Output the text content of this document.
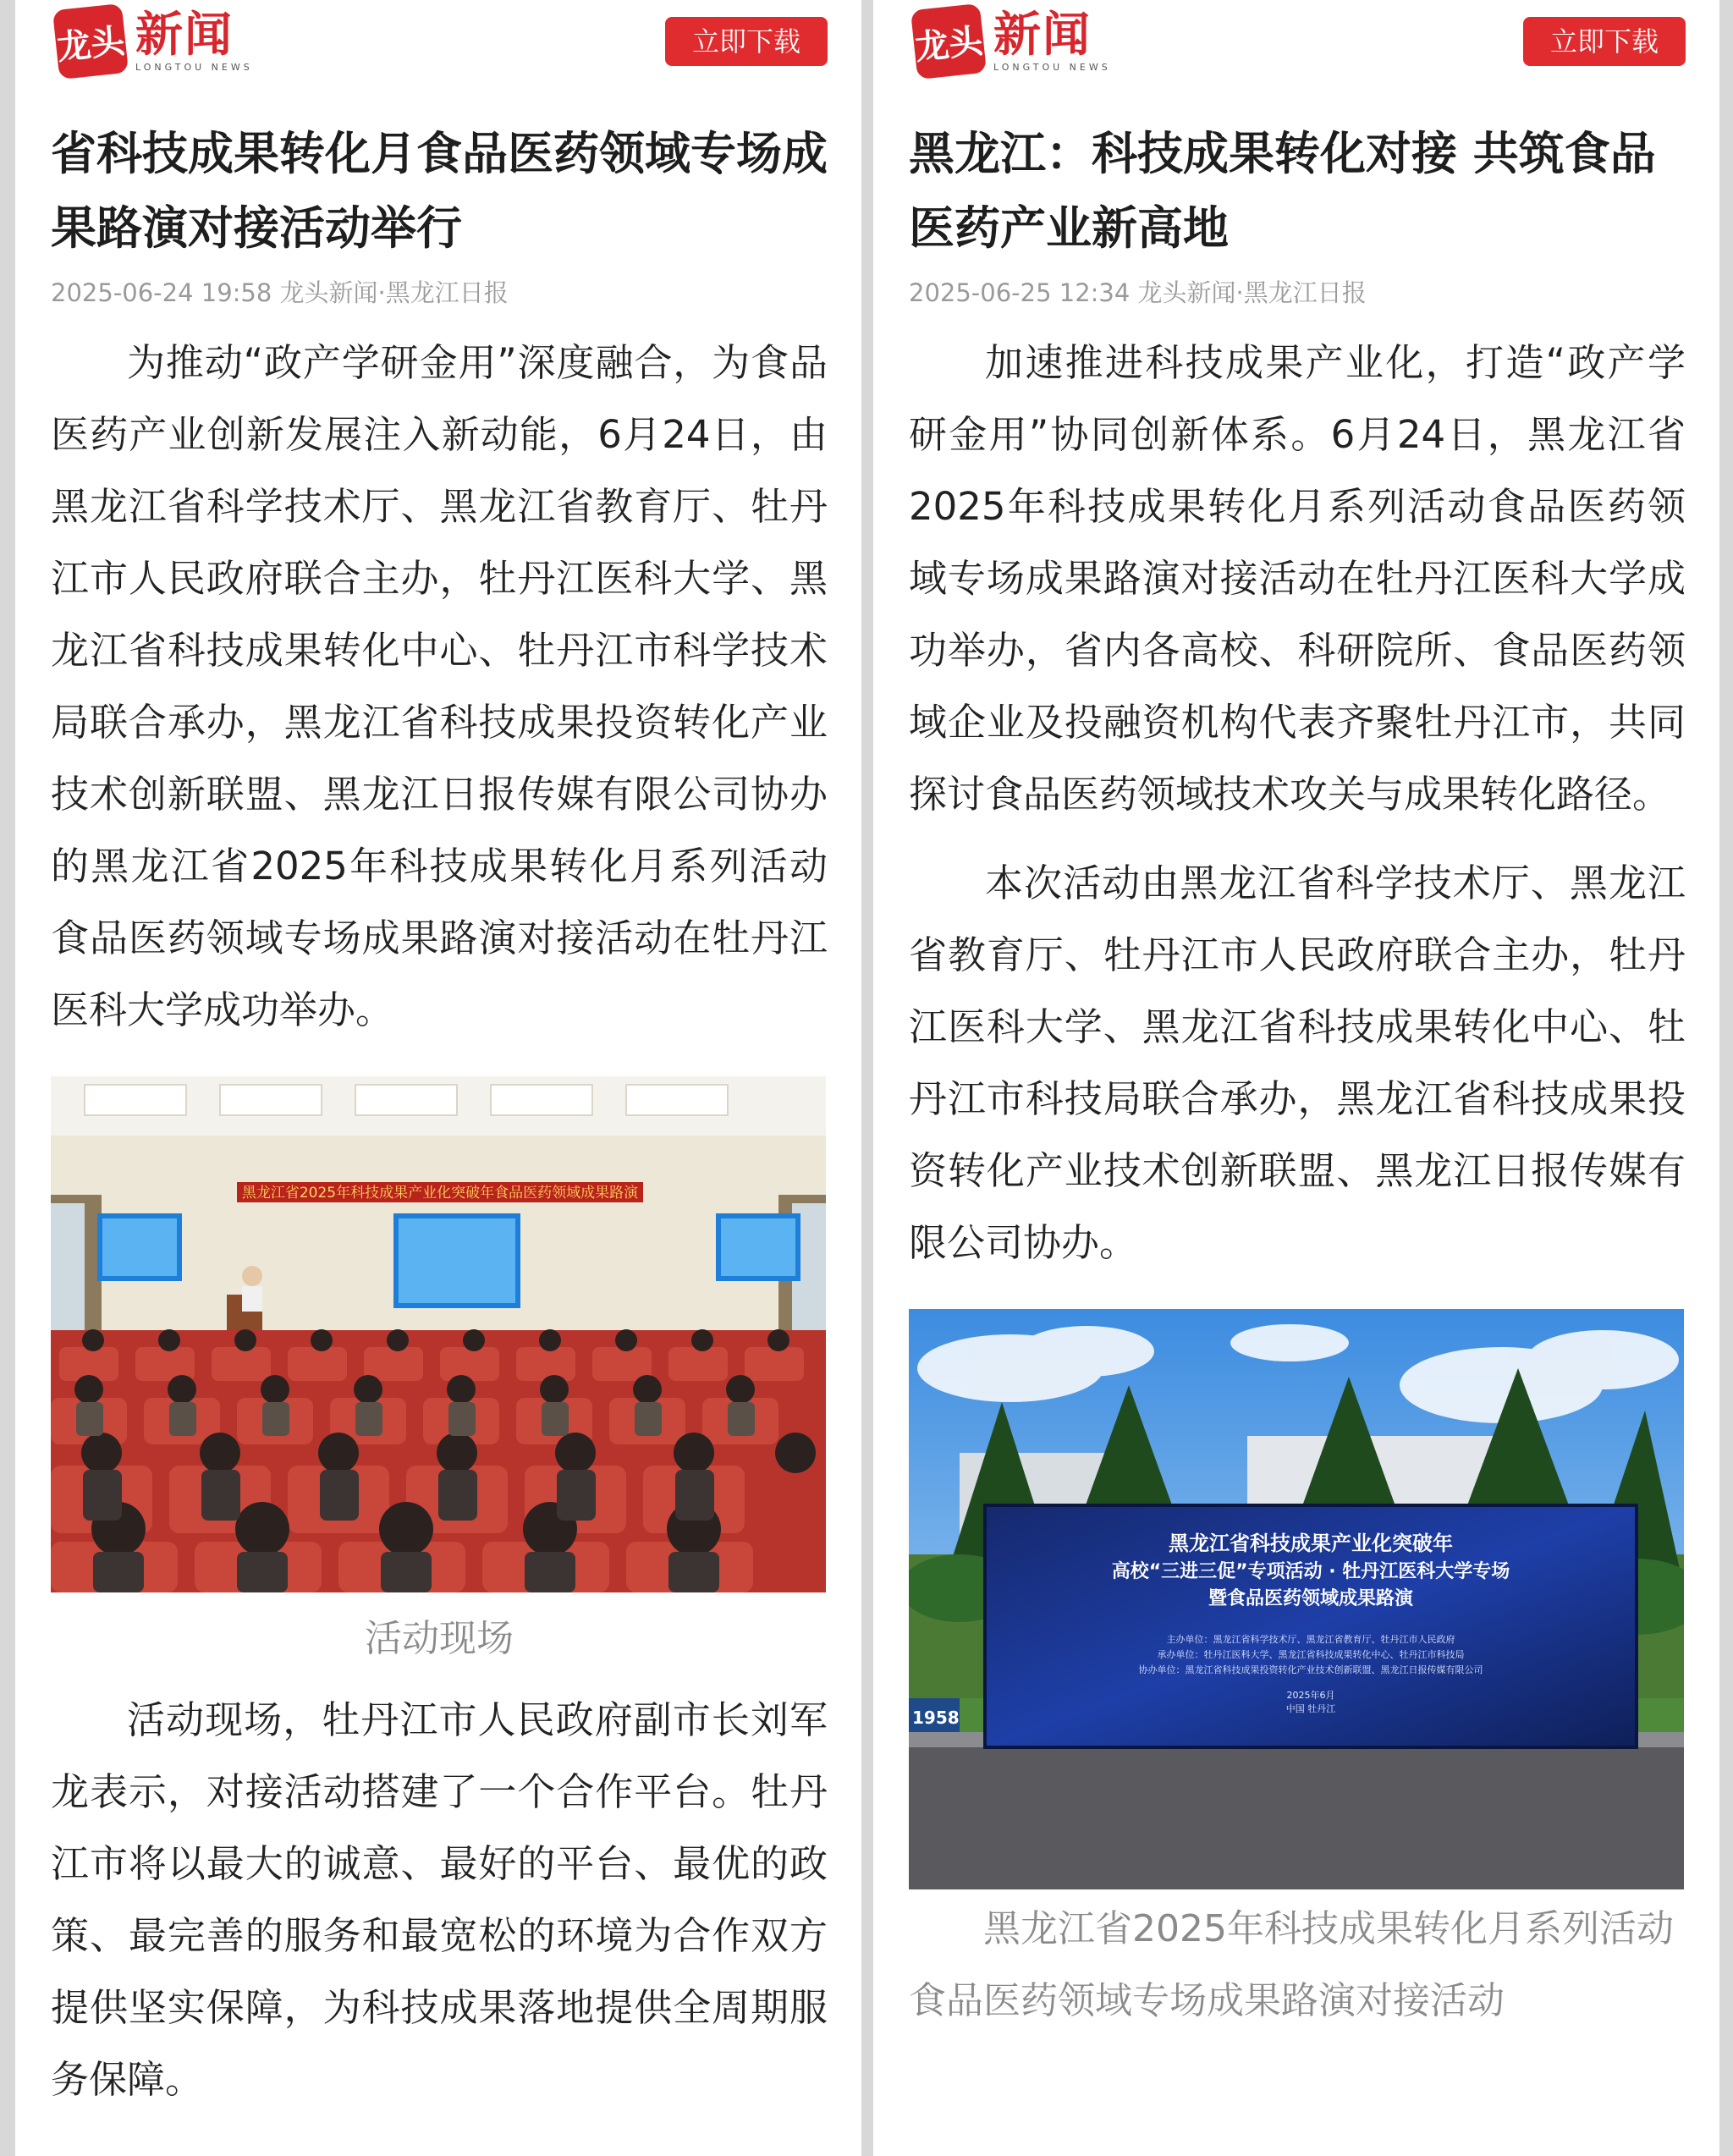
龙头 新闻
LONGTOU NEWS
立即下载
省科技成果转化月食品医药领域专场成果路演对接活动举行
2025-06-24 19:58 龙头新闻·黑龙江日报

为推动“政产学研金用”深度融合，为食品医药产业创新发展注入新动能，6月24日，由黑龙江省科学技术厅、黑龙江省教育厅、牡丹江市人民政府联合主办，牡丹江医科大学、黑龙江省科技成果转化中心、牡丹江市科学技术局联合承办，黑龙江省科技成果投资转化产业技术创新联盟、黑龙江日报传媒有限公司协办的黑龙江省2025年科技成果转化月系列活动食品医药领域专场成果路演对接活动在牡丹江医科大学成功举办。

黑龙江省2025年科技成果产业化突破年食品医药领域成果路演
活动现场

活动现场，牡丹江市人民政府副市长刘军龙表示，对接活动搭建了一个合作平台。牡丹江市将以最大的诚意、最好的平台、最优的政策、最完善的服务和最宽松的环境为合作双方提供坚实保障，为科技成果落地提供全周期服务保障。

龙头 新闻
LONGTOU NEWS
立即下载
黑龙江：科技成果转化对接 共筑食品医药产业新高地
2025-06-25 12:34 龙头新闻·黑龙江日报

加速推进科技成果产业化，打造“政产学研金用”协同创新体系。6月24日，黑龙江省2025年科技成果转化月系列活动食品医药领域专场成果路演对接活动在牡丹江医科大学成功举办，省内各高校、科研院所、食品医药领域企业及投融资机构代表齐聚牡丹江市，共同探讨食品医药领域技术攻关与成果转化路径。

本次活动由黑龙江省科学技术厅、黑龙江省教育厅、牡丹江市人民政府联合主办，牡丹江医科大学、黑龙江省科技成果转化中心、牡丹江市科技局联合承办，黑龙江省科技成果投资转化产业技术创新联盟、黑龙江日报传媒有限公司协办。

1958
黑龙江省科技成果产业化突破年
高校“三进三促”专项活动 · 牡丹江医科大学专场
暨食品医药领域成果路演
主办单位：黑龙江省科学技术厅、黑龙江省教育厅、牡丹江市人民政府
承办单位：牡丹江医科大学、黑龙江省科技成果转化中心、牡丹江市科技局
协办单位：黑龙江省科技成果投资转化产业技术创新联盟、黑龙江日报传媒有限公司
2025年6月
中国 牡丹江
黑龙江省2025年科技成果转化月系列活动食品医药领域专场成果路演对接活动
